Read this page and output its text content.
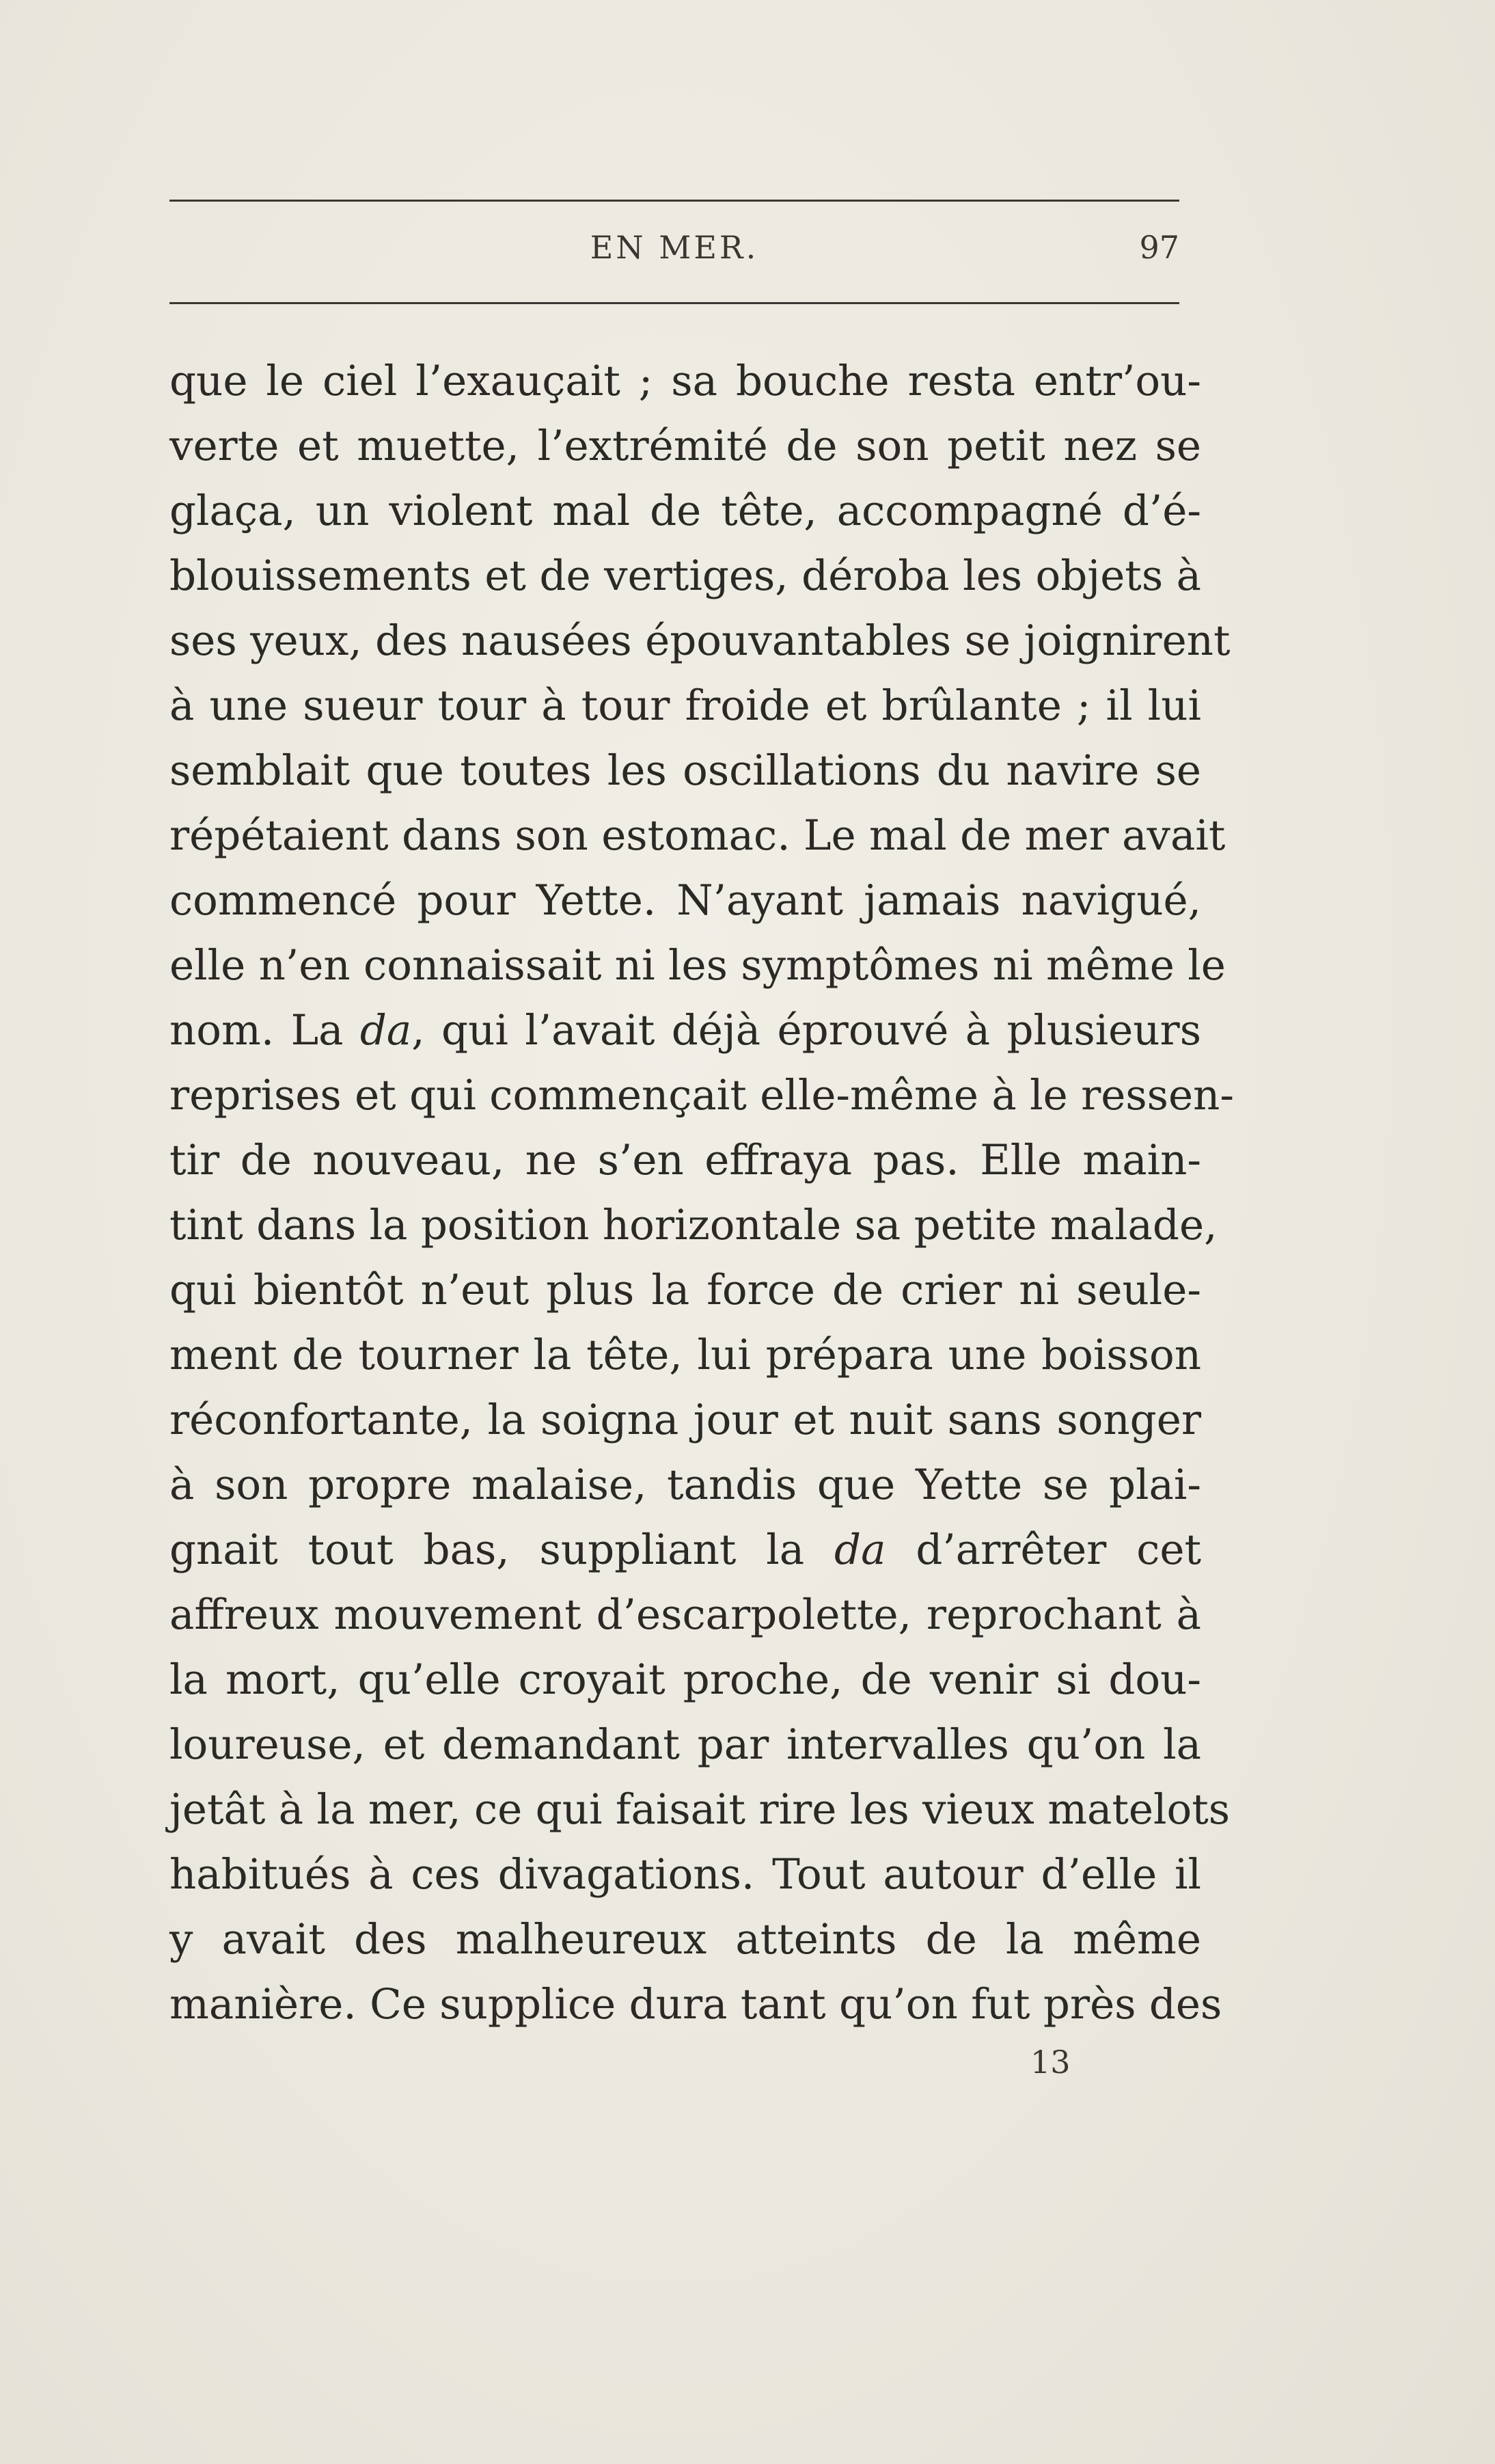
EN MER.	97
que le ciel l’exauçait ; sa bouche resta entr’ou-
verte et muette, l’extrémité de son petit nez se
glaça, un violent mal de tête, accompagné d’é-
blouissements et de vertiges, déroba les objets à
ses yeux, des nausées épouvantables se joignirent
à une sueur tour à tour froide et brûlante ; il lui
semblait que toutes les oscillations du navire se
répétaient dans son estomac. Le mal de mer avait
commencé pour Yette. N’ayant jamais navigué,
elle n’en connaissait ni les symptômes ni même le
nom. La da, qui l’avait déjà éprouvé à plusieurs
reprises et qui commençait elle-même à le ressen-
tir de nouveau, ne s’en effraya pas. Elle main-
tint dans la position horizontale sa petite malade,
qui bientôt n’eut plus la force de crier ni seule-
ment de tourner la tête, lui prépara une boisson
réconfortante, la soigna jour et nuit sans songer
à son propre malaise, tandis que Yette se plai-
gnait tout bas, suppliant la da d’arrêter cet
affreux mouvement d’escarpolette, reprochant à
la mort, qu’elle croyait proche, de venir si dou-
loureuse, et demandant par intervalles qu’on la
jetât à la mer, ce qui faisait rire les vieux matelots
habitués à ces divagations. Tout autour d’elle il
y avait des malheureux atteints de la même
manière. Ce supplice dura tant qu’on fut près des
13
